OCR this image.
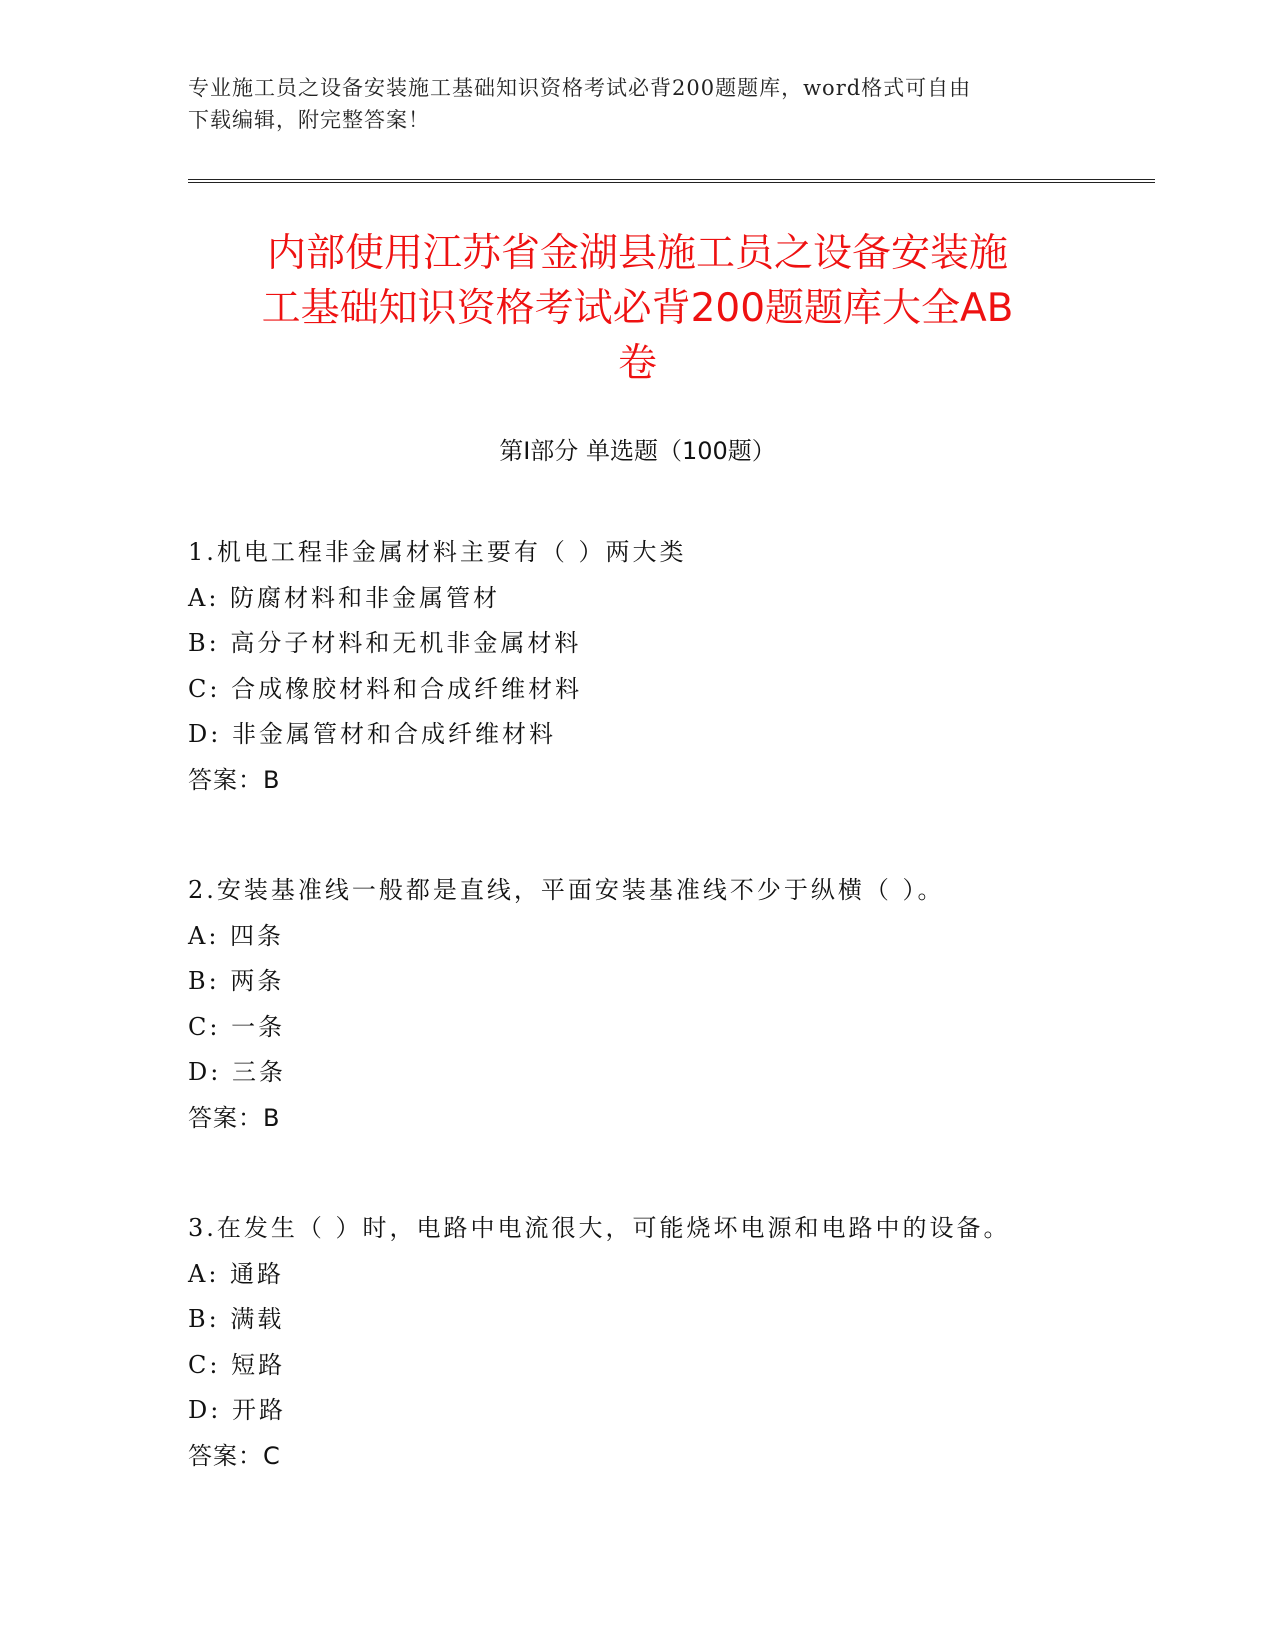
专业施工员之设备安装施工基础知识资格考试必背200题题库，word格式可自由
下载编辑，附完整答案！
内部使用江苏省金湖县施工员之设备安装施
工基础知识资格考试必背200题题库大全AB
卷
第Ⅰ部分 单选题（100题）
1.机电工程非金属材料主要有（ ）两大类
A: 防腐材料和非金属管材
B: 高分子材料和无机非金属材料
C: 合成橡胶材料和合成纤维材料
D: 非金属管材和合成纤维材料
答案：B
2.安装基准线一般都是直线，平面安装基准线不少于纵横（ ）。
A: 四条
B: 两条
C: 一条
D: 三条
答案：B
3.在发生（ ）时，电路中电流很大，可能烧坏电源和电路中的设备。
A: 通路
B: 满载
C: 短路
D: 开路
答案：C
